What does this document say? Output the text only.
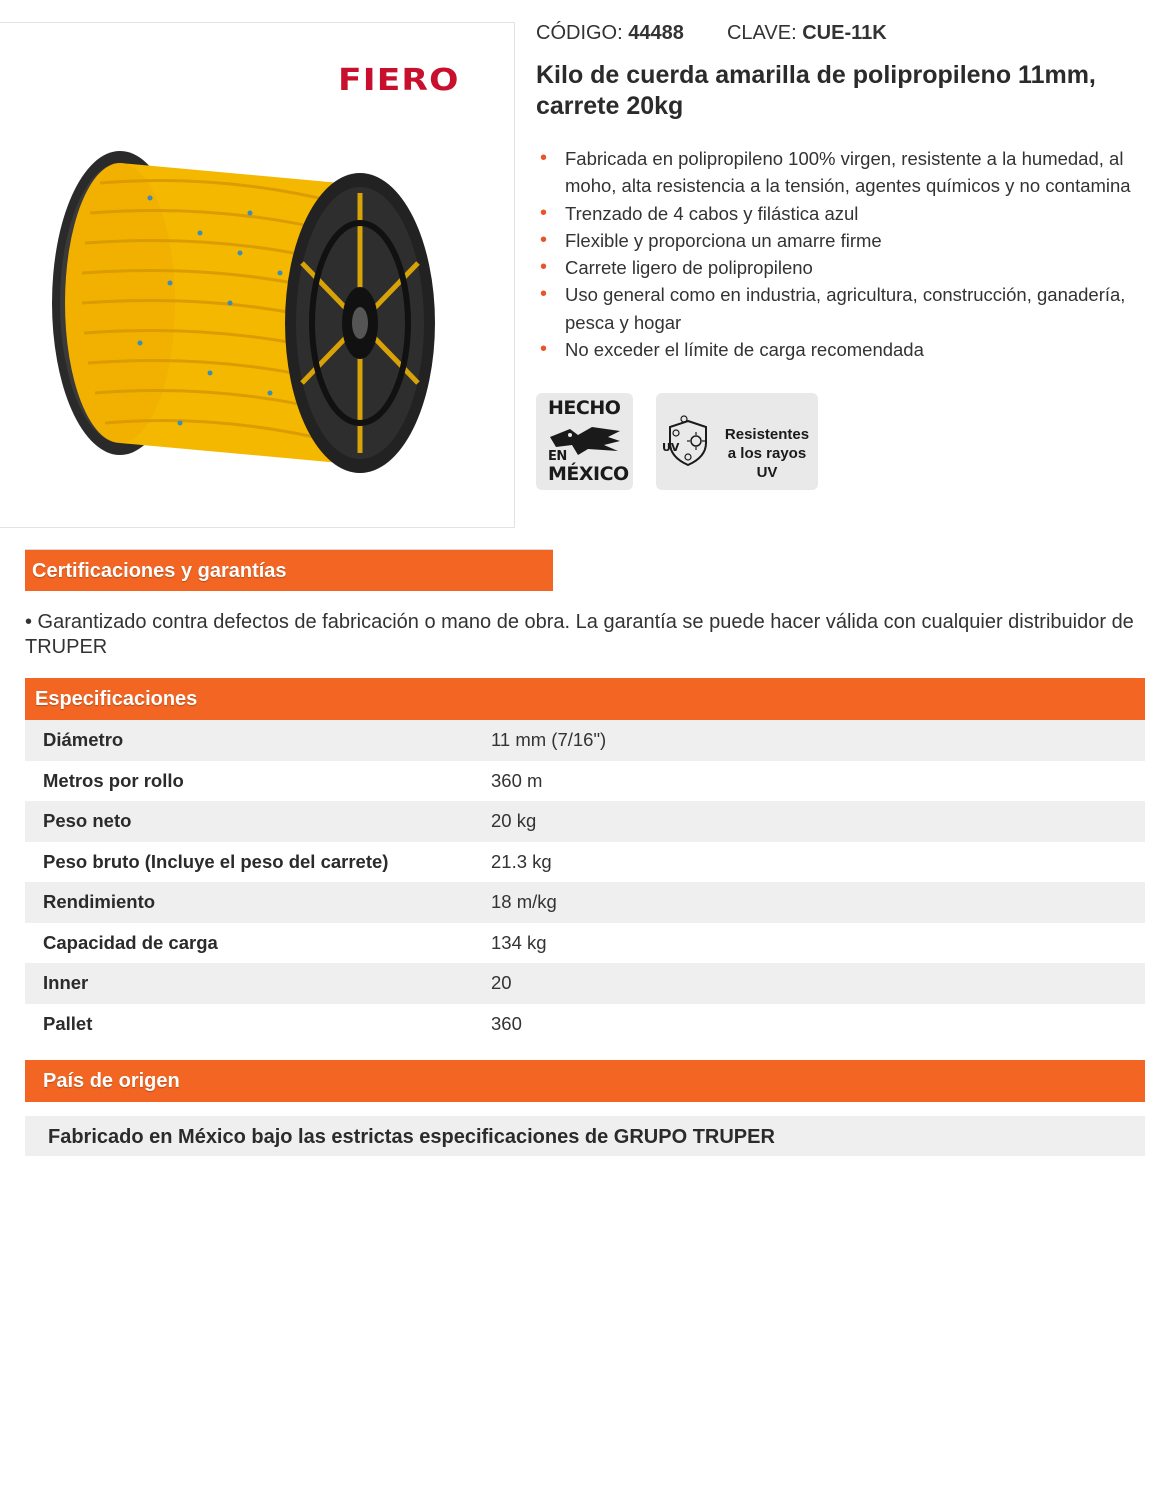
FIERO
CÓDIGO: 44488 CLAVE: CUE-11K
Kilo de cuerda amarilla de polipropileno 11mm, carrete 20kg
• Fabricada en polipropileno 100% virgen, resistente a la humedad, al moho, alta resistencia a la tensión, agentes químicos y no contamina
• Trenzado de 4 cabos y filástica azul
• Flexible y proporciona un amarre firme
• Carrete ligero de polipropileno
• Uso general como en industria, agricultura, construcción, ganadería, pesca y hogar
• No exceder el límite de carga recomendada
HECHO
EN
MÉXICO
UV
Resistentes a los rayos UV
Certificaciones y garantías

• Garantizado contra defectos de fabricación o mano de obra. La garantía se puede hacer válida con cualquier distribuidor de TRUPER

Especificaciones
Diámetro	11 mm (7/16")
Metros por rollo	360 m
Peso neto	20 kg
Peso bruto (Incluye el peso del carrete)	21.3 kg
Rendimiento	18 m/kg
Capacidad de carga	134 kg
Inner	20
Pallet	360
País de origen
Fabricado en México bajo las estrictas especificaciones de GRUPO TRUPER
